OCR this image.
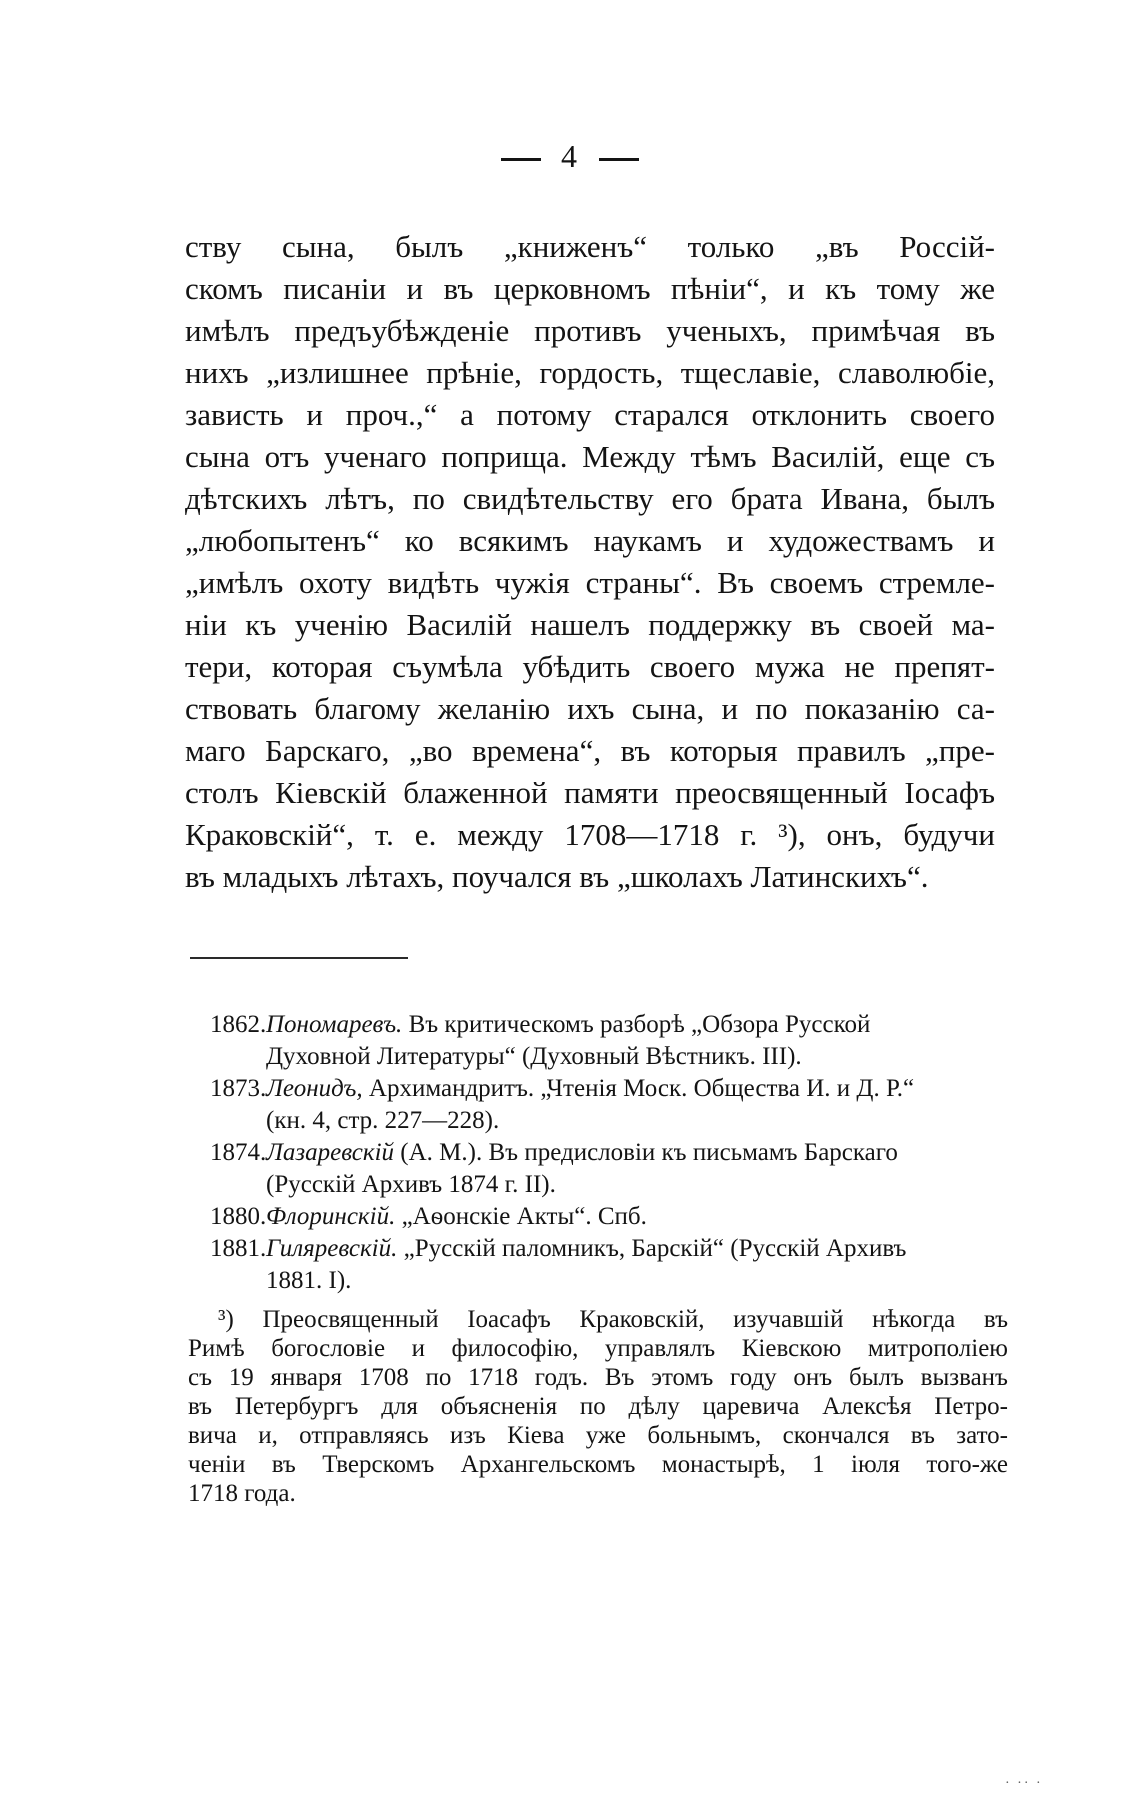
4
ству сына, былъ „книженъ“ только „въ Россій-
скомъ писаніи и въ церковномъ пѣніи“, и къ тому же
имѣлъ предъубѣжденіе противъ ученыхъ, примѣчая въ
нихъ „излишнее прѣніе, гордость, тщеславіе, славолюбіе,
зависть и проч.,“ а потому старался отклонить своего
сына отъ ученаго поприща. Между тѣмъ Василій, еще съ
дѣтскихъ лѣтъ, по свидѣтельству его брата Ивана, былъ
„любопытенъ“ ко всякимъ наукамъ и художествамъ и
„имѣлъ охоту видѣть чужія страны“. Въ своемъ стремле-
ніи къ ученію Василій нашелъ поддержку въ своей ма-
тери, которая съумѣла убѣдить своего мужа не препят-
ствовать благому желанію ихъ сына, и по показанію са-
маго Барскаго, „во времена“, въ которыя правилъ „пре-
столъ Кіевскій блаженной памяти преосвященный Іосафъ
Краковскій“, т. е. между 1708—1718 г. ³), онъ, будучи
въ младыхъ лѣтахъ, поучался въ „школахъ Латинскихъ“.
1862. Пономаревъ. Въ критическомъ разборѣ „Обзора Русской
Духовной Литературы“ (Духовный Вѣстникъ. III).
1873. Леонидъ, Архимандритъ. „Чтенія Моск. Общества И. и Д. Р.“
(кн. 4, стр. 227—228).
1874. Лазаревскій (А. М.). Въ предисловіи къ письмамъ Барскаго
(Русскій Архивъ 1874 г. II).
1880. Флоринскій. „Аѳонскіе Акты“. Спб.
1881. Гиляревскій. „Русскій паломникъ, Барскій“ (Русскій Архивъ
1881. I).
³) Преосвященный Іоасафъ Краковскій, изучавшій нѣкогда въ
Римѣ богословіе и философію, управлялъ Кіевскою митрополіею
съ 19 января 1708 по 1718 годъ. Въ этомъ году онъ былъ вызванъ
въ Петербургъ для объясненія по дѣлу царевича Алексѣя Петро-
вича и, отправляясь изъ Кіева уже больнымъ, скончался въ зато-
ченіи въ Тверскомъ Архангельскомъ монастырѣ, 1 іюля того-же
1718 года.
· ·· ·
